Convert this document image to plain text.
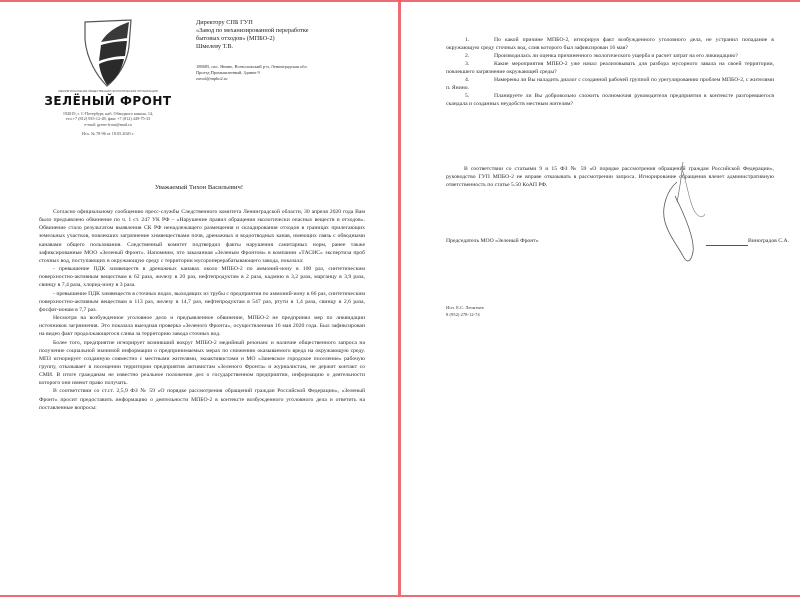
МЕЖРЕГИОНАЛЬНАЯ ОБЩЕСТВЕННАЯ ЭКОЛОГИЧЕСКАЯ ОРГАНИЗАЦИЯ
ЗЕЛЁНЫЙ ФРОНТ
192019, г. С-Петербург, наб. Обводного канала, 14,
тел.+7 (812) 935-12-48, факс +7 (812) 449-75-33
e-mail: green-front@mail.ru
Исх. № 78-96 от 18.05.2020 г.
Директору СПБ ГУП
«Завод по механизированной переработке
бытовых отходов» (МПБО-2)
Шмелеву Т.В.
188685, пос. Янино, Всеволожский р-н, Ленинградская обл.
Проезд Промышленный, Здание 9
zavod@mpbo2.ru
Уважаемый Тихон Васильевич!

Согласно официальному сообщению пресс-службы Следственного комитета Ленинградской области, 30 апреля 2020 года Вам было предъявлено обвинение по ч. 1 ст. 247 УК РФ – «Нарушение правил обращения экологически опасных веществ и отходов». Обвинение стало результатом выявления СК РФ ненадлежащего размещения и складирования отходов в границах прилегающих земельных участков, повлекших загрязнение химвеществами почв, дренажных и водоотводных канав, имеющих связь с обводными канавами общего пользования. Следственный комитет подтвердил факты нарушения санитарных норм, ранее также зафиксированные МОО «Зеленый Фронт». Напомним, что заказанная «Зеленым Фронтом» в компании «ТАСИС» экспертиза проб сточных вод, поступающих в окружающую среду с территории мусороперерабатывающего завода, показала:

- превышение ПДК химвеществ в дренажных канавах около МПБО-2 по аммоний-иону в 100 раз, синтетическим поверхностно-активным веществам в 62 раза, железу в 20 раз, нефтепродуктам в 2 раза, кадмию в 3,2 раза, марганцу в 3,9 раза, свинцу в 7,4 раза, хлорид-иону в 3 раза.

- превышение ПДК химвеществ в сточных водах, выходящих из трубы с предприятия по аммоний-иону в 66 раз, синтетическим поверхностно-активным веществам в 113 раз, железу в 14,7 раз, нефтепродуктам в 547 раз, ртути в 1,4 раза, свинцу в 2,6 раза, фосфат-ионам в 7,7 раз.

Несмотря на возбужденное уголовное дело и предъявленное обвинение, МПБО-2 не предпринял мер по ликвидации источников загрязнения. Это показала выездная проверка «Зеленого Фронта», осуществленная 16 мая 2020 года. Был зафиксирован на видео факт продолжающегося слива за территорию завода сточных вод.

Более того, предприятие игнорирует возникший вокруг МПБО-2 медийный резонанс и наличие общественного запроса на получение социальной значимой информации о предпринимаемых мерах по снижению оказываемого вреда на окружающую среду. МПЗ игнорирует созданную совместно с местными жителями, экоактивистами и МО «Заневское городское поселение» рабочую группу, отказывает в посещении территории предприятия активистам «Зеленого Фронта» и журналистам, не держит контакт со СМИ. В итоге гражданам не известно реальное положение дел о государственном предприятии, информацию о деятельности которого они имеют право получать.

В соответствии со ст.ст. 2,5,9 ФЗ № 59 «О порядке рассмотрения обращений граждан Российской Федерации», «Зеленый Фронт» просит предоставить информацию о деятельности МПБО-2 в контексте возбужденного уголовного дела и ответить на поставленные вопросы:

1.	По какой причине МПБО-2, игнорируя факт возбужденного уголовного дела, не устранил попадание в окружающую среду сточных вод, слив которого был зафиксирован 16 мая?
2.	Производилась ли оценка причиненного экологического ущерба и расчет затрат на его ликвидацию?
3.	Какие мероприятия МПБО-2 уже начал реализовывать для разбора мусорного завала на своей территории, повлекшего загрязнение окружающей среды?
4.	Намерены ли Вы наладить диалог с созданной рабочей группой по урегулированию проблем МПБО-2, с жителями п. Янино.
5.	Планируете ли Вы добровольно сложить полномочия руководителя предприятия в контексте разгоревшегося скандала и созданных неудобств местным жителям?
В соответствии со статьями 9 и 15 ФЗ № 59 «О порядке рассмотрения обращений граждан Российской Федерации», руководство ГУП МПБО-2 не вправе отказывать в рассмотрении запроса. Игнорирование обращения влечет административную ответственность по статье 5.50 КоАП РФ.
Председатель МОО «Зеленый Фронт»	Виноградов С.А.
Исп. Е.С. Леонтьев
8 (952) 278-12-74
